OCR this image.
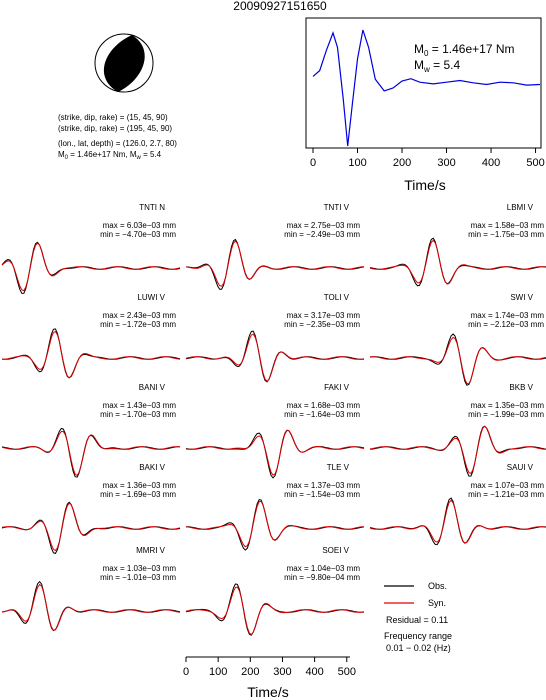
20090927151650
(strike, dip, rake) = (15, 45, 90)
(strike, dip, rake) = (195, 45, 90)
(lon., lat, depth) = (126.0, 2.7, 80)
$M_0 = 1.46e+17$ Nm, $M_w = 5.4$
0	100 200 300 400 500
$M_0 = 1.46e+17$ Nm
$M_w = 5.4$
Time/s
TNTI N
max = 6.03e−03 mm
min = −4.70e−03 mm
TNTI V
max = 2.75e−03 mm
min = −2.49e−03 mm
LBMI V
max = 1.58e−03 mm
min = −1.75e−03 mm
LUWI V
max = 2.43e−03 mm
min = −1.72e−03 mm
TOLI V
max = 3.17e−03 mm
min = −2.35e−03 mm
SWI V
max = 1.74e−03 mm
min = −2.12e−03 mm
BANI V
max = 1.43e−03 mm
min = −1.70e−03 mm
FAKI V
max = 1.68e−03 mm
min = −1.64e−03 mm
BKB V
max = 1.35e−03 mm
min = −1.99e−03 mm
BAKI V
max = 1.36e−03 mm
min = −1.69e−03 mm
TLE V
max = 1.37e−03 mm
min = −1.54e−03 mm
SAUI V
max = 1.07e−03 mm
min = −1.21e−03 mm
MMRI V
max = 1.03e−03 mm
min = −1.01e−03 mm
SOEI V
max = 1.04e−03 mm
min = −9.80e−04 mm
0 100 200 300 400 500
Time/s
Obs.
Syn.
Residual = 0.11
Frequency range
0.01 − 0.02 (Hz)
